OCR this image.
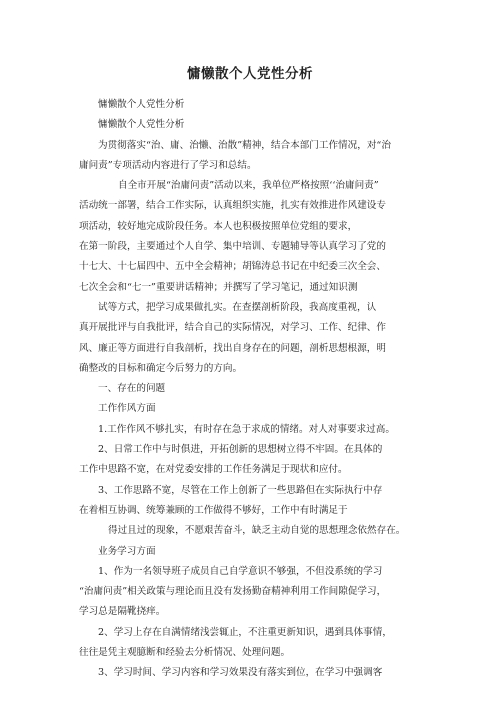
慵懒散个人党性分析

慵懒散个人党性分析

慵懒散个人党性分析

为贯彻落实“治、庸、治懒、治散”精神，结合本部门工作情况，对“治

庸问责”专项活动内容进行了学习和总结。

自全市开展“治庸问责”活动以来，我单位严格按照‘‘治庸问责”

活动统一部署，结合工作实际，认真组织实施，扎实有效推进作风建设专

项活动，较好地完成阶段任务。本人也积极按照单位党组的要求，

在第一阶段，主要通过个人自学、集中培训、专题辅导等认真学习了党的

十七大、十七届四中、五中全会精神；胡锦涛总书记在中纪委三次全会、

七次全会和“七一”重要讲话精神；并撰写了学习笔记，通过知识测

试等方式，把学习成果做扎实。在查摆剖析阶段，我高度重视，认

真开展批评与自我批评，结合自己的实际情况，对学习、工作、纪律、作

风、廉正等方面进行自我剖析，找出自身存在的问题，剖析思想根源，明

确整改的目标和确定今后努力的方向。

一、存在的问题

工作作风方面

1.工作作风不够扎实，有时存在急于求成的情绪。对人对事要求过高。

2、日常工作中与时俱进，开拓创新的思想树立得不牢固。在具体的

工作中思路不宽，在对党委安排的工作任务满足于现状和应付。

3、工作思路不宽，尽管在工作上创新了一些思路但在实际执行中存

在着相互协调、统筹兼顾的工作做得不够好，工作中有时满足于

得过且过的现象，不愿艰苦奋斗，缺乏主动自觉的思想理念依然存在。

业务学习方面

1、作为一名领导班子成员自己自学意识不够强，不但没系统的学习

“治庸问责”相关政策与理论而且没有发扬勤奋精神利用工作间隙促学习，

学习总是隔靴挠痒。

2、学习上存在自满情绪浅尝辄止，不注重更新知识，遇到具体事情，

往往是凭主观臆断和经验去分析情况、处理问题。

3、学习时间、学习内容和学习效果没有落实到位，在学习中强调客
